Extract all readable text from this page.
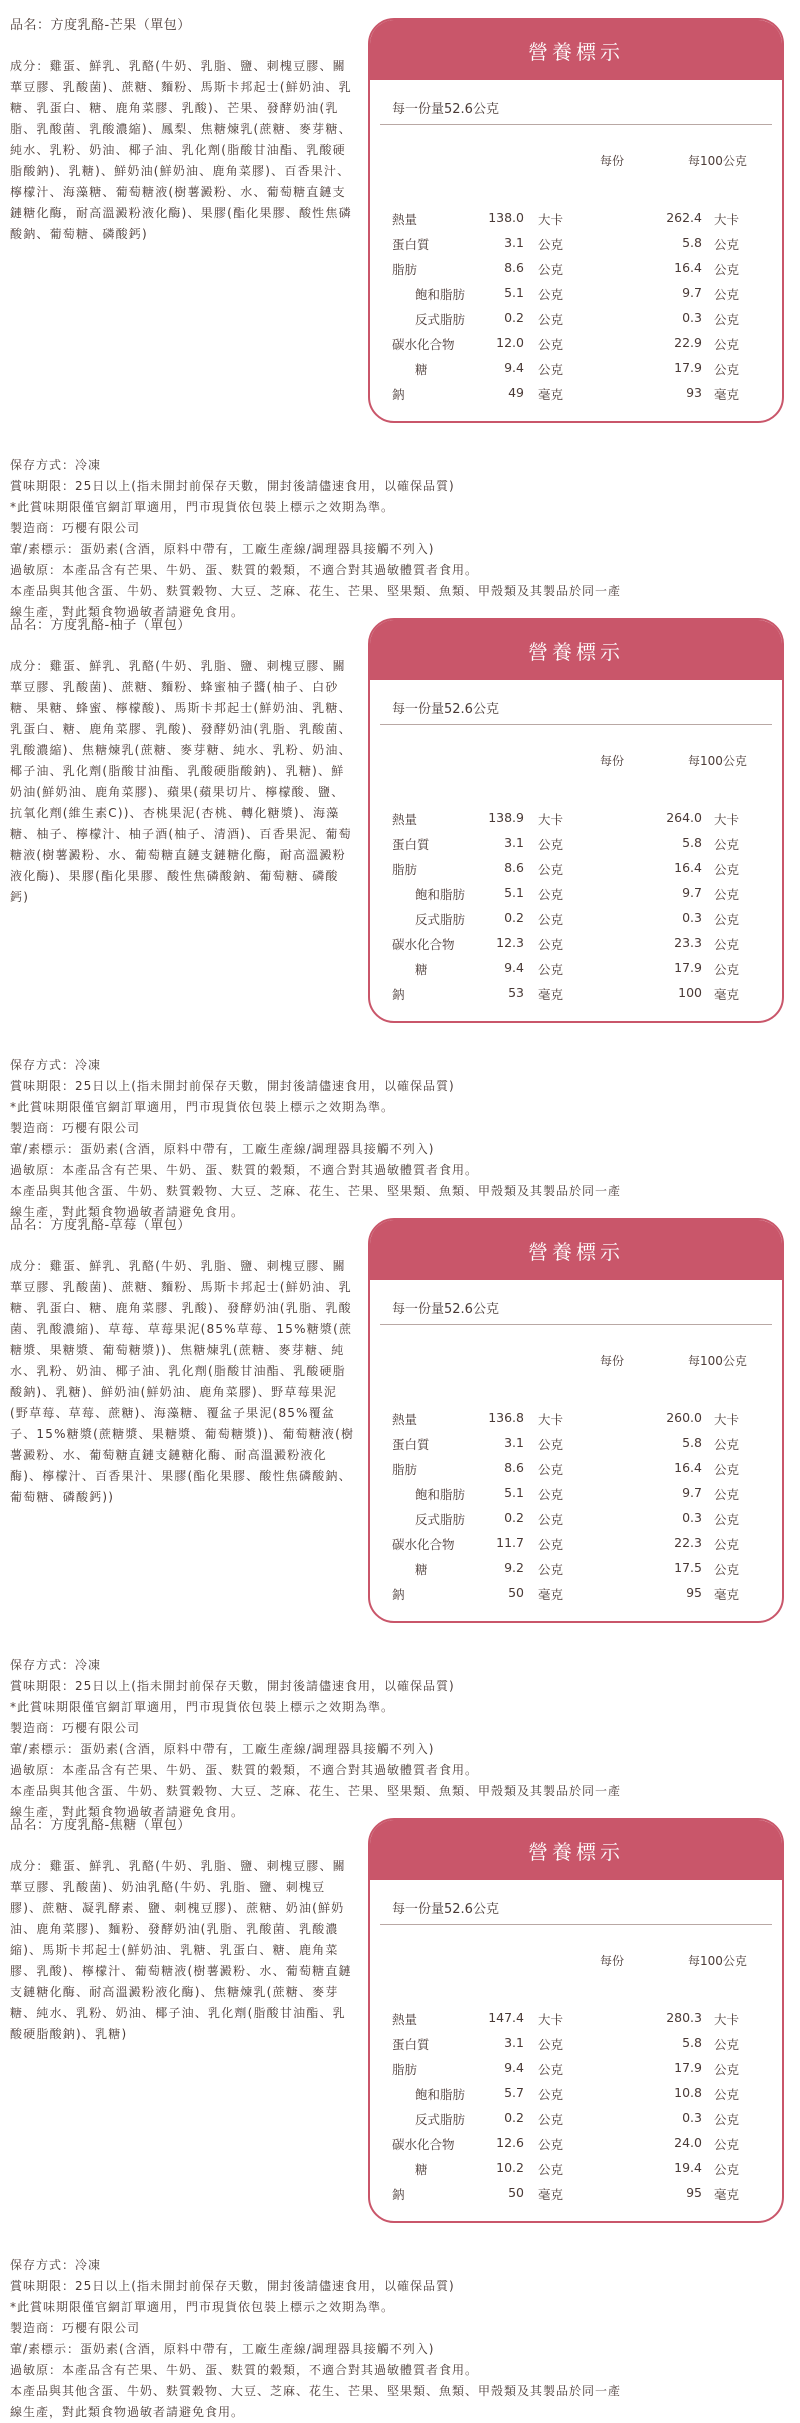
品名：方度乳酪-芒果（單包）
成分：雞蛋、鮮乳、乳酪(牛奶、乳脂、鹽、刺槐豆膠、關華豆膠、乳酸菌)、蔗糖、麵粉、馬斯卡邦起士(鮮奶油、乳糖、乳蛋白、糖、鹿角菜膠、乳酸)、芒果、發酵奶油(乳脂、乳酸菌、乳酸濃縮)、鳳梨、焦糖煉乳(蔗糖、麥芽糖、純水、乳粉、奶油、椰子油、乳化劑(脂酸甘油酯、乳酸硬脂酸鈉)、乳糖)、鮮奶油(鮮奶油、鹿角菜膠)、百香果汁、檸檬汁、海藻糖、葡萄糖液(樹薯澱粉、水、葡萄糖直鏈支鏈糖化酶，耐高溫澱粉液化酶)、果膠(酯化果膠、酸性焦磷酸鈉、葡萄糖、磷酸鈣)
營養標示
每一份量52.6公克
每份	每100公克
熱量	138.0 大卡	262.4 大卡
蛋白質	3.1 公克	5.8 公克
脂肪	8.6 公克	16.4 公克
飽和脂肪	5.1 公克	9.7 公克
反式脂肪	0.2 公克	0.3 公克
碳水化合物	12.0 公克	22.9 公克
糖	9.4 公克	17.9 公克
鈉	49 毫克	93 毫克
保存方式：冷凍
賞味期限：25日以上(指未開封前保存天數，開封後請儘速食用，以確保品質)
*此賞味期限僅官網訂單適用，門市現貨依包裝上標示之效期為準。
製造商：巧櫻有限公司
葷/素標示：蛋奶素(含酒，原料中帶有，工廠生產線/調理器具接觸不列入)
過敏原：本產品含有芒果、牛奶、蛋、麩質的穀類，不適合對其過敏體質者食用。
本產品與其他含蛋、牛奶、麩質穀物、大豆、芝麻、花生、芒果、堅果類、魚類、甲殼類及其製品於同一產
線生產，對此類食物過敏者請避免食用。
品名：方度乳酪-柚子（單包）
成分：雞蛋、鮮乳、乳酪(牛奶、乳脂、鹽、刺槐豆膠、關華豆膠、乳酸菌)、蔗糖、麵粉、蜂蜜柚子醬(柚子、白砂糖、果糖、蜂蜜、檸檬酸)、馬斯卡邦起士(鮮奶油、乳糖、乳蛋白、糖、鹿角菜膠、乳酸)、發酵奶油(乳脂、乳酸菌、乳酸濃縮)、焦糖煉乳(蔗糖、麥芽糖、純水、乳粉、奶油、椰子油、乳化劑(脂酸甘油酯、乳酸硬脂酸鈉)、乳糖)、鮮奶油(鮮奶油、鹿角菜膠)、蘋果(蘋果切片、檸檬酸、鹽、抗氧化劑(維生素C))、杏桃果泥(杏桃、轉化糖漿)、海藻糖、柚子、檸檬汁、柚子酒(柚子、清酒)、百香果泥、葡萄糖液(樹薯澱粉、水、葡萄糖直鏈支鏈糖化酶，耐高溫澱粉液化酶)、果膠(酯化果膠、酸性焦磷酸鈉、葡萄糖、磷酸鈣)
營養標示
每一份量52.6公克
每份	每100公克
熱量	138.9 大卡	264.0 大卡
蛋白質	3.1 公克	5.8 公克
脂肪	8.6 公克	16.4 公克
飽和脂肪	5.1 公克	9.7 公克
反式脂肪	0.2 公克	0.3 公克
碳水化合物	12.3 公克	23.3 公克
糖	9.4 公克	17.9 公克
鈉	53 毫克	100 毫克
保存方式：冷凍
賞味期限：25日以上(指未開封前保存天數，開封後請儘速食用，以確保品質)
*此賞味期限僅官網訂單適用，門市現貨依包裝上標示之效期為準。
製造商：巧櫻有限公司
葷/素標示：蛋奶素(含酒，原料中帶有，工廠生產線/調理器具接觸不列入)
過敏原：本產品含有芒果、牛奶、蛋、麩質的穀類，不適合對其過敏體質者食用。
本產品與其他含蛋、牛奶、麩質穀物、大豆、芝麻、花生、芒果、堅果類、魚類、甲殼類及其製品於同一產
線生產，對此類食物過敏者請避免食用。
品名：方度乳酪-草莓（單包）
成分：雞蛋、鮮乳、乳酪(牛奶、乳脂、鹽、刺槐豆膠、關華豆膠、乳酸菌)、蔗糖、麵粉、馬斯卡邦起士(鮮奶油、乳糖、乳蛋白、糖、鹿角菜膠、乳酸)、發酵奶油(乳脂、乳酸菌、乳酸濃縮)、草莓、草莓果泥(85%草莓、15%糖漿(蔗糖漿、果糖漿、葡萄糖漿))、焦糖煉乳(蔗糖、麥芽糖、純水、乳粉、奶油、椰子油、乳化劑(脂酸甘油酯、乳酸硬脂酸鈉)、乳糖)、鮮奶油(鮮奶油、鹿角菜膠)、野草莓果泥(野草莓、草莓、蔗糖)、海藻糖、覆盆子果泥(85%覆盆子、15%糖漿(蔗糖漿、果糖漿、葡萄糖漿))、葡萄糖液(樹薯澱粉、水、葡萄糖直鏈支鏈糖化酶、耐高溫澱粉液化酶)、檸檬汁、百香果汁、果膠(酯化果膠、酸性焦磷酸鈉、葡萄糖、磷酸鈣))
營養標示
每一份量52.6公克
每份	每100公克
熱量	136.8 大卡	260.0 大卡
蛋白質	3.1 公克	5.8 公克
脂肪	8.6 公克	16.4 公克
飽和脂肪	5.1 公克	9.7 公克
反式脂肪	0.2 公克	0.3 公克
碳水化合物	11.7 公克	22.3 公克
糖	9.2 公克	17.5 公克
鈉	50 毫克	95 毫克
保存方式：冷凍
賞味期限：25日以上(指未開封前保存天數，開封後請儘速食用，以確保品質)
*此賞味期限僅官網訂單適用，門市現貨依包裝上標示之效期為準。
製造商：巧櫻有限公司
葷/素標示：蛋奶素(含酒，原料中帶有，工廠生產線/調理器具接觸不列入)
過敏原：本產品含有芒果、牛奶、蛋、麩質的穀類，不適合對其過敏體質者食用。
本產品與其他含蛋、牛奶、麩質穀物、大豆、芝麻、花生、芒果、堅果類、魚類、甲殼類及其製品於同一產
線生產，對此類食物過敏者請避免食用。
品名：方度乳酪-焦糖（單包）
成分：雞蛋、鮮乳、乳酪(牛奶、乳脂、鹽、刺槐豆膠、關華豆膠、乳酸菌)、奶油乳酪(牛奶、乳脂、鹽、刺槐豆膠)、蔗糖、凝乳酵素、鹽、刺槐豆膠)、蔗糖、奶油(鮮奶油、鹿角菜膠)、麵粉、發酵奶油(乳脂、乳酸菌、乳酸濃縮)、馬斯卡邦起士(鮮奶油、乳糖、乳蛋白、糖、鹿角菜膠、乳酸)、檸檬汁、葡萄糖液(樹薯澱粉、水、葡萄糖直鏈支鏈糖化酶、耐高溫澱粉液化酶)、焦糖煉乳(蔗糖、麥芽糖、純水、乳粉、奶油、椰子油、乳化劑(脂酸甘油酯、乳酸硬脂酸鈉)、乳糖)
營養標示
每一份量52.6公克
每份	每100公克
熱量	147.4 大卡	280.3 大卡
蛋白質	3.1 公克	5.8 公克
脂肪	9.4 公克	17.9 公克
飽和脂肪	5.7 公克	10.8 公克
反式脂肪	0.2 公克	0.3 公克
碳水化合物	12.6 公克	24.0 公克
糖	10.2 公克	19.4 公克
鈉	50 毫克	95 毫克
保存方式：冷凍
賞味期限：25日以上(指未開封前保存天數，開封後請儘速食用，以確保品質)
*此賞味期限僅官網訂單適用，門市現貨依包裝上標示之效期為準。
製造商：巧櫻有限公司
葷/素標示：蛋奶素(含酒，原料中帶有，工廠生產線/調理器具接觸不列入)
過敏原：本產品含有芒果、牛奶、蛋、麩質的穀類，不適合對其過敏體質者食用。
本產品與其他含蛋、牛奶、麩質穀物、大豆、芝麻、花生、芒果、堅果類、魚類、甲殼類及其製品於同一產
線生產，對此類食物過敏者請避免食用。
